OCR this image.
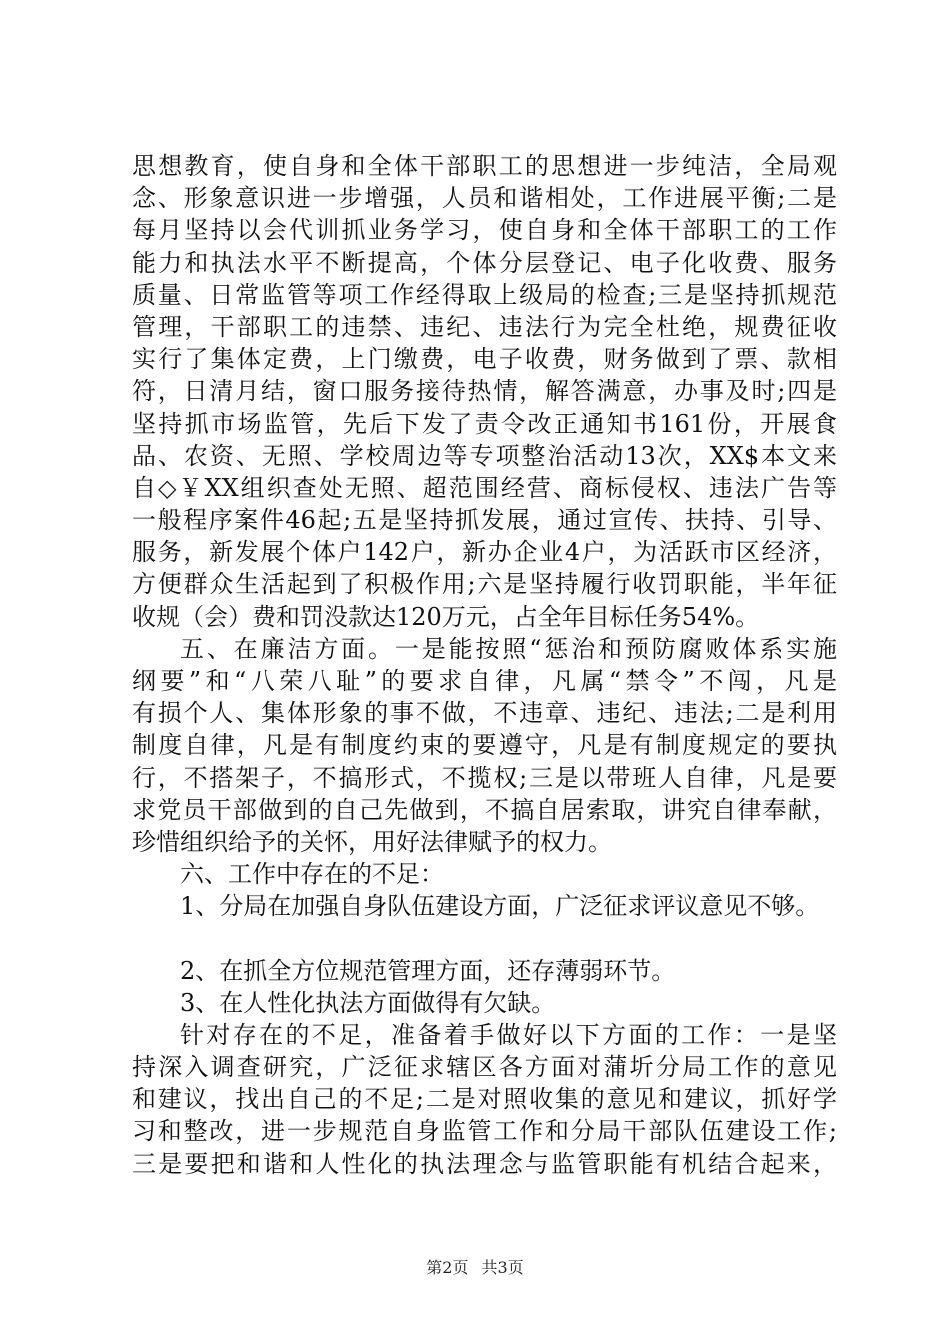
思想教育，使自身和全体干部职工的思想进一步纯洁，全局观
念、形象意识进一步增强，人员和谐相处，工作进展平衡;二是
每月坚持以会代训抓业务学习，使自身和全体干部职工的工作
能力和执法水平不断提高，个体分层登记、电子化收费、服务
质量、日常监管等项工作经得取上级局的检查;三是坚持抓规范
管理，干部职工的违禁、违纪、违法行为完全杜绝，规费征收
实行了集体定费，上门缴费，电子收费，财务做到了票、款相
符，日清月结，窗口服务接待热情，解答满意，办事及时;四是
坚持抓市场监管，先后下发了责令改正通知书161份，开展食
品、农资、无照、学校周边等专项整治活动13次，XX$本文来
自◇￥XX组织查处无照、超范围经营、商标侵权、违法广告等
一般程序案件46起;五是坚持抓发展，通过宣传、扶持、引导、
服务，新发展个体户142户，新办企业4户，为活跃市区经济，
方便群众生活起到了积极作用;六是坚持履行收罚职能，半年征
收规（会）费和罚没款达120万元，占全年目标任务54%。
五、在廉洁方面。一是能按照“惩治和预防腐败体系实施
纲要”和“八荣八耻”的要求自律，凡属“禁令”不闯，凡是
有损个人、集体形象的事不做，不违章、违纪、违法;二是利用
制度自律，凡是有制度约束的要遵守，凡是有制度规定的要执
行，不搭架子，不搞形式，不揽权;三是以带班人自律，凡是要
求党员干部做到的自己先做到，不搞自居索取，讲究自律奉献，
珍惜组织给予的关怀，用好法律赋予的权力。
六、工作中存在的不足：
1、分局在加强自身队伍建设方面，广泛征求评议意见不够。
2、在抓全方位规范管理方面，还存薄弱环节。
3、在人性化执法方面做得有欠缺。
针对存在的不足，准备着手做好以下方面的工作：一是坚
持深入调查研究，广泛征求辖区各方面对蒲圻分局工作的意见
和建议，找出自己的不足;二是对照收集的意见和建议，抓好学
习和整改，进一步规范自身监管工作和分局干部队伍建设工作;
三是要把和谐和人性化的执法理念与监管职能有机结合起来，
第2页 共3页
